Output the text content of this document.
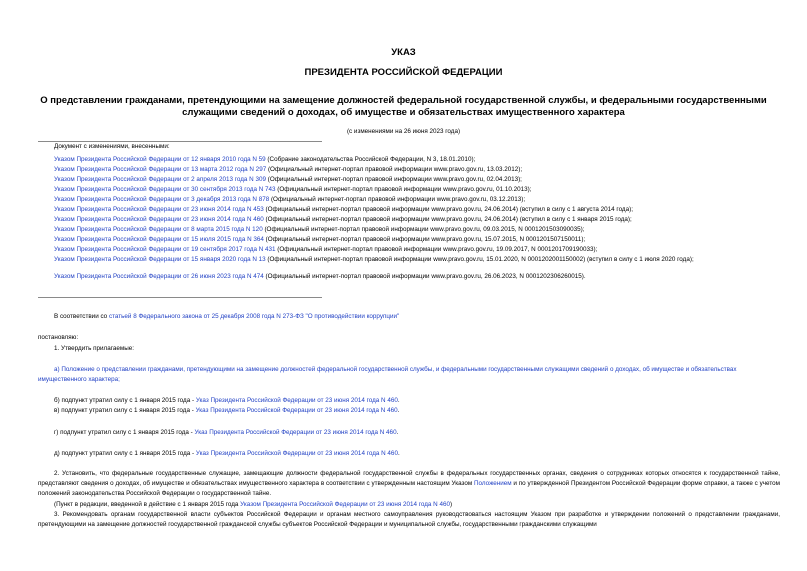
УКАЗ
ПРЕЗИДЕНТА РОССИЙСКОЙ ФЕДЕРАЦИИ
О представлении гражданами, претендующими на замещение должностей федеральной государственной службы, и федеральными государственными служащими сведений о доходах, об имуществе и обязательствах имущественного характера
(с изменениями на 26 июня 2023 года)
Документ с изменениями, внесенными:
Указом Президента Российской Федерации от 12 января 2010 года N 59 (Собрание законодательства Российской Федерации, N 3, 18.01.2010);
Указом Президента Российской Федерации от 13 марта 2012 года N 297 (Официальный интернет-портал правовой информации www.pravo.gov.ru, 13.03.2012);
Указом Президента Российской Федерации от 2 апреля 2013 года N 309 (Официальный интернет-портал правовой информации www.pravo.gov.ru, 02.04.2013);
Указом Президента Российской Федерации от 30 сентября 2013 года N 743 (Официальный интернет-портал правовой информации www.pravo.gov.ru, 01.10.2013);
Указом Президента Российской Федерации от 3 декабря 2013 года N 878 (Официальный интернет-портал правовой информации www.pravo.gov.ru, 03.12.2013);
Указом Президента Российской Федерации от 23 июня 2014 года N 453 (Официальный интернет-портал правовой информации www.pravo.gov.ru, 24.06.2014) (вступил в силу с 1 августа 2014 года);
Указом Президента Российской Федерации от 23 июня 2014 года N 460 (Официальный интернет-портал правовой информации www.pravo.gov.ru, 24.06.2014) (вступил в силу с 1 января 2015 года);
Указом Президента Российской Федерации от 8 марта 2015 года N 120 (Официальный интернет-портал правовой информации www.pravo.gov.ru, 09.03.2015, N 0001201503090035);
Указом Президента Российской Федерации от 15 июля 2015 года N 364 (Официальный интернет-портал правовой информации www.pravo.gov.ru, 15.07.2015, N 0001201507150011);
Указом Президента Российской Федерации от 19 сентября 2017 года N 431 (Официальный интернет-портал правовой информации www.pravo.gov.ru, 19.09.2017, N 0001201709190033);
Указом Президента Российской Федерации от 15 января 2020 года N 13 (Официальный интернет-портал правовой информации www.pravo.gov.ru, 15.01.2020, N 0001202001150002) (вступил в силу с 1 июля 2020 года);
Указом Президента Российской Федерации от 26 июня 2023 года N 474 (Официальный интернет-портал правовой информации www.pravo.gov.ru, 26.06.2023, N 0001202306260015).
В соответствии со статьей 8 Федерального закона от 25 декабря 2008 года N 273-ФЗ "О противодействии коррупции"
постановляю:
1. Утвердить прилагаемые:
а) Положение о представлении гражданами, претендующими на замещение должностей федеральной государственной службы, и федеральными государственными служащими сведений о доходах, об имуществе и обязательствах имущественного характера;
б) подпункт утратил силу с 1 января 2015 года - Указ Президента Российской Федерации от 23 июня 2014 года N 460.
в) подпункт утратил силу с 1 января 2015 года - Указ Президента Российской Федерации от 23 июня 2014 года N 460.
г) подпункт утратил силу с 1 января 2015 года - Указ Президента Российской Федерации от 23 июня 2014 года N 460.
д) подпункт утратил силу с 1 января 2015 года - Указ Президента Российской Федерации от 23 июня 2014 года N 460.
2. Установить, что федеральные государственные служащие, замещающие должности федеральной государственной службы в федеральных государственных органах, сведения о сотрудниках которых относятся к государственной тайне, представляют сведения о доходах, об имуществе и обязательствах имущественного характера в соответствии с утвержденным настоящим Указом Положением и по утвержденной Президентом Российской Федерации форме справки, а также с учетом положений законодательства Российской Федерации о государственной тайне.
(Пункт в редакции, введенной в действие с 1 января 2015 года Указом Президента Российской Федерации от 23 июня 2014 года N 460)
3. Рекомендовать органам государственной власти субъектов Российской Федерации и органам местного самоуправления руководствоваться настоящим Указом при разработке и утверждении положений о представлении гражданами, претендующими на замещение должностей государственной гражданской службы субъектов Российской Федерации и муниципальной службы, государственными гражданскими служащими
